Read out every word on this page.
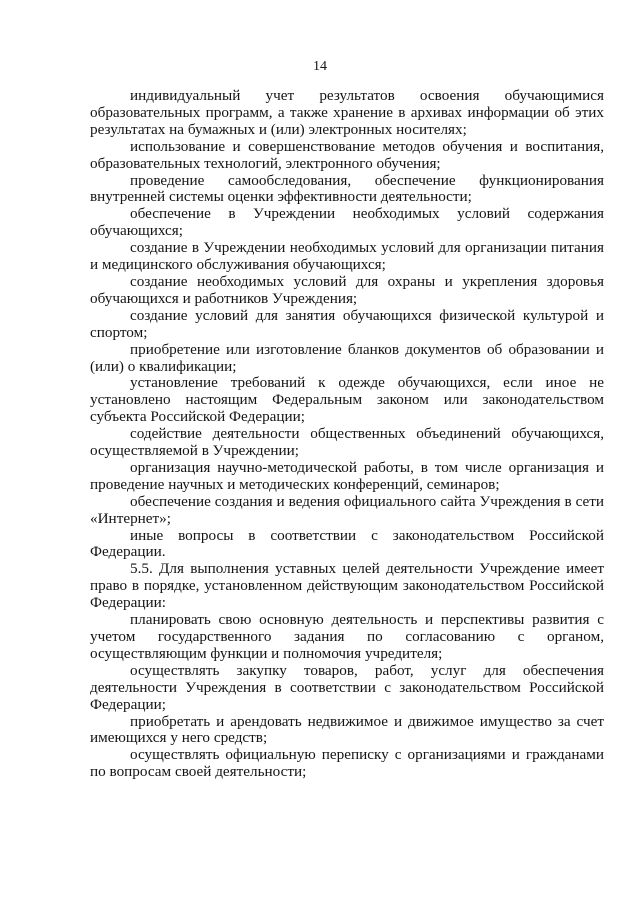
14

индивидуальный учет результатов освоения обучающимися образовательных программ, а также хранение в архивах информации об этих результатах на бумажных и (или) электронных носителях;

использование и совершенствование методов обучения и воспитания, образовательных технологий, электронного обучения;

проведение самообследования, обеспечение функционирования внутренней системы оценки эффективности деятельности;

обеспечение в Учреждении необходимых условий содержания обучающихся;

создание в Учреждении необходимых условий для организации питания и медицинского обслуживания обучающихся;

создание необходимых условий для охраны и укрепления здоровья обучающихся и работников Учреждения;

создание условий для занятия обучающихся физической культурой и спортом;

приобретение или изготовление бланков документов об образовании и (или) о квалификации;

установление требований к одежде обучающихся, если иное не установлено настоящим Федеральным законом или законодательством субъекта Российской Федерации;

содействие деятельности общественных объединений обучающихся, осуществляемой в Учреждении;

организация научно-методической работы, в том числе организация и проведение научных и методических конференций, семинаров;

обеспечение создания и ведения официального сайта Учреждения в сети «Интернет»;

иные вопросы в соответствии с законодательством Российской Федерации.

5.5. Для выполнения уставных целей деятельности Учреждение имеет право в порядке, установленном действующим законодательством Российской Федерации:

планировать свою основную деятельность и перспективы развития с учетом государственного задания по согласованию с органом, осуществляющим функции и полномочия учредителя;

осуществлять закупку товаров, работ, услуг для обеспечения деятельности Учреждения в соответствии с законодательством Российской Федерации;

приобретать и арендовать недвижимое и движимое имущество за счет имеющихся у него средств;

осуществлять официальную переписку с организациями и гражданами по вопросам своей деятельности;
